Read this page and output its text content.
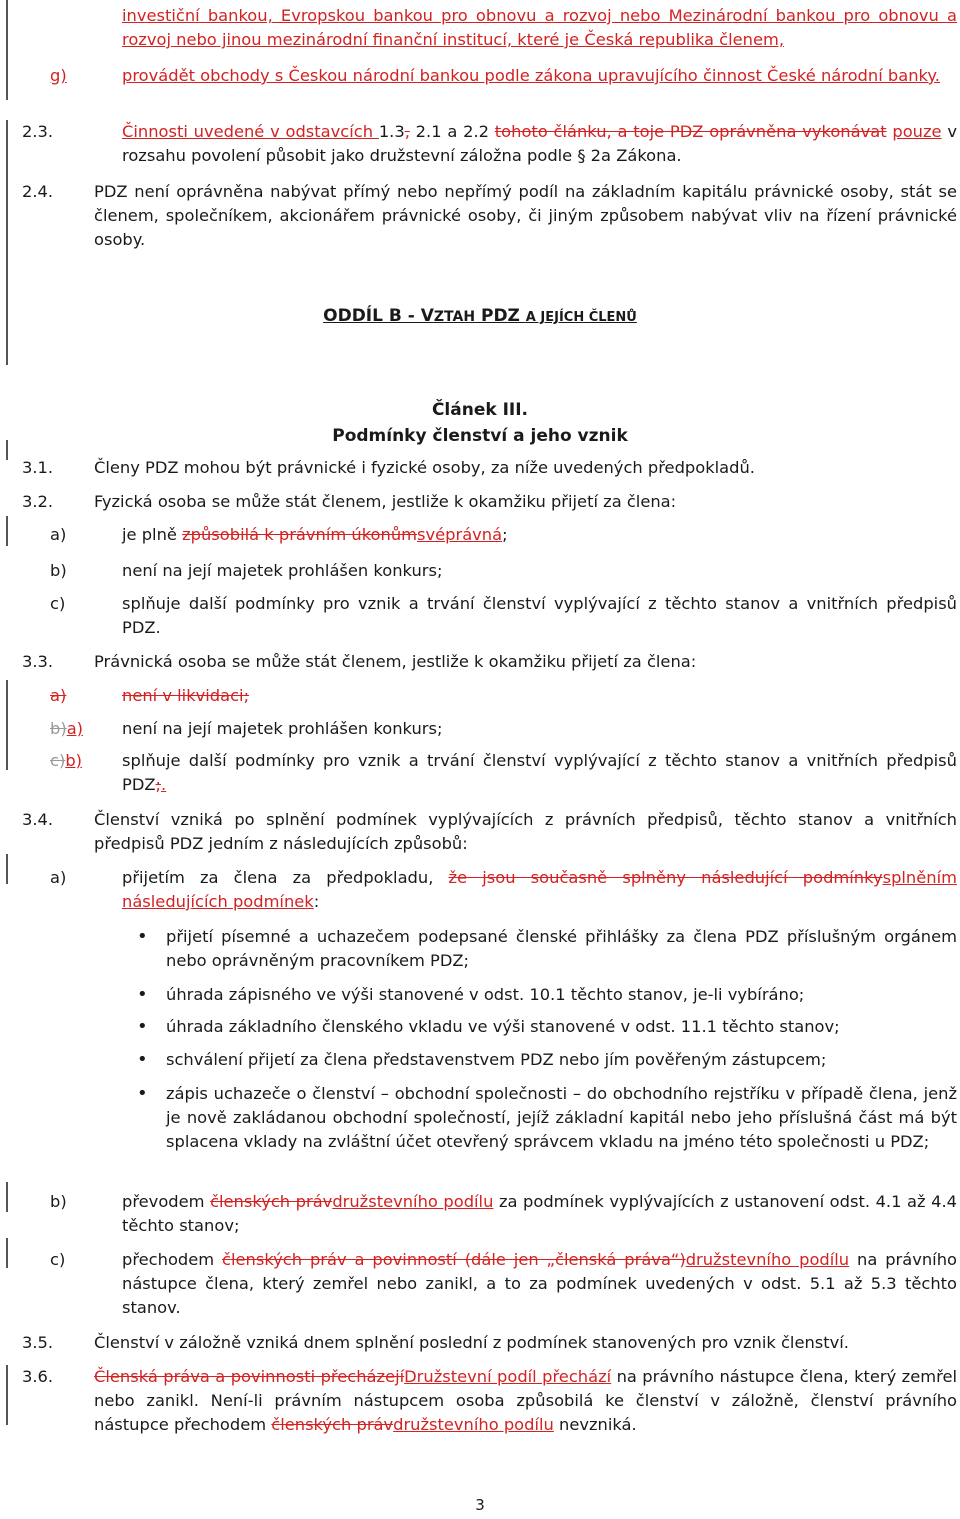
investiční bankou, Evropskou bankou pro obnovu a rozvoj nebo Mezinárodní bankou pro obnovu a rozvoj nebo jinou mezinárodní finanční institucí, které je Česká republika členem,
g)	provádět obchody s Českou národní bankou podle zákona upravujícího činnost České národní banky.
2.3.	Činnosti uvedené v odstavcích 1.3, 2.1 a 2.2 tohoto článku, a toje PDZ oprávněna vykonávat pouze v rozsahu povolení působit jako družstevní záložna podle § 2a Zákona.
2.4.	PDZ není oprávněna nabývat přímý nebo nepřímý podíl na základním kapitálu právnické osoby, stát se členem, společníkem, akcionářem právnické osoby, či jiným způsobem nabývat vliv na řízení právnické osoby.
ODDÍL B - VZTAH PDZ A JEJÍCH ČLENŮ
Článek III.
Podmínky členství a jeho vznik
3.1.	Členy PDZ mohou být právnické i fyzické osoby, za níže uvedených předpokladů.
3.2.	Fyzická osoba se může stát členem, jestliže k okamžiku přijetí za člena:
a)	je plně způsobilá k právním úkonůmsvéprávná;
b)	není na její majetek prohlášen konkurs;
c)	splňuje další podmínky pro vznik a trvání členství vyplývající z těchto stanov a vnitřních předpisů PDZ.
3.3.	Právnická osoba se může stát členem, jestliže k okamžiku přijetí za člena:
a)	není v likvidaci;
b)a)	není na její majetek prohlášen konkurs;
c)b)	splňuje další podmínky pro vznik a trvání členství vyplývající z těchto stanov a vnitřních předpisů PDZ;.
3.4.	Členství vzniká po splnění podmínek vyplývajících z právních předpisů, těchto stanov a vnitřních předpisů PDZ jedním z následujících způsobů:
a)	přijetím za člena za předpokladu, že jsou současně splněny následující podmínkysplněním následujících podmínek:
• přijetí písemné a uchazečem podepsané členské přihlášky za člena PDZ příslušným orgánem nebo oprávněným pracovníkem PDZ;
• úhrada zápisného ve výši stanovené v odst. 10.1 těchto stanov, je-li vybíráno;
• úhrada základního členského vkladu ve výši stanovené v odst. 11.1 těchto stanov;
• schválení přijetí za člena představenstvem PDZ nebo jím pověřeným zástupcem;
• zápis uchazeče o členství – obchodní společnosti – do obchodního rejstříku v případě člena, jenž je nově zakládanou obchodní společností, jejíž základní kapitál nebo jeho příslušná část má být splacena vklady na zvláštní účet otevřený správcem vkladu na jméno této společnosti u PDZ;
b)	převodem členských právdružstevního podílu za podmínek vyplývajících z ustanovení odst. 4.1 až 4.4 těchto stanov;
c)	přechodem členských práv a povinností (dále jen „členská práva“)družstevního podílu na právního nástupce člena, který zemřel nebo zanikl, a to za podmínek uvedených v odst. 5.1 až 5.3 těchto stanov.
3.5.	Členství v záložně vzniká dnem splnění poslední z podmínek stanovených pro vznik členství.
3.6.	Členská práva a povinnosti přecházejíDružstevní podíl přechází na právního nástupce člena, který zemřel nebo zanikl. Není-li právním nástupcem osoba způsobilá ke členství v záložně, členství právního nástupce přechodem členských právdružstevního podílu nevzniká.
3
